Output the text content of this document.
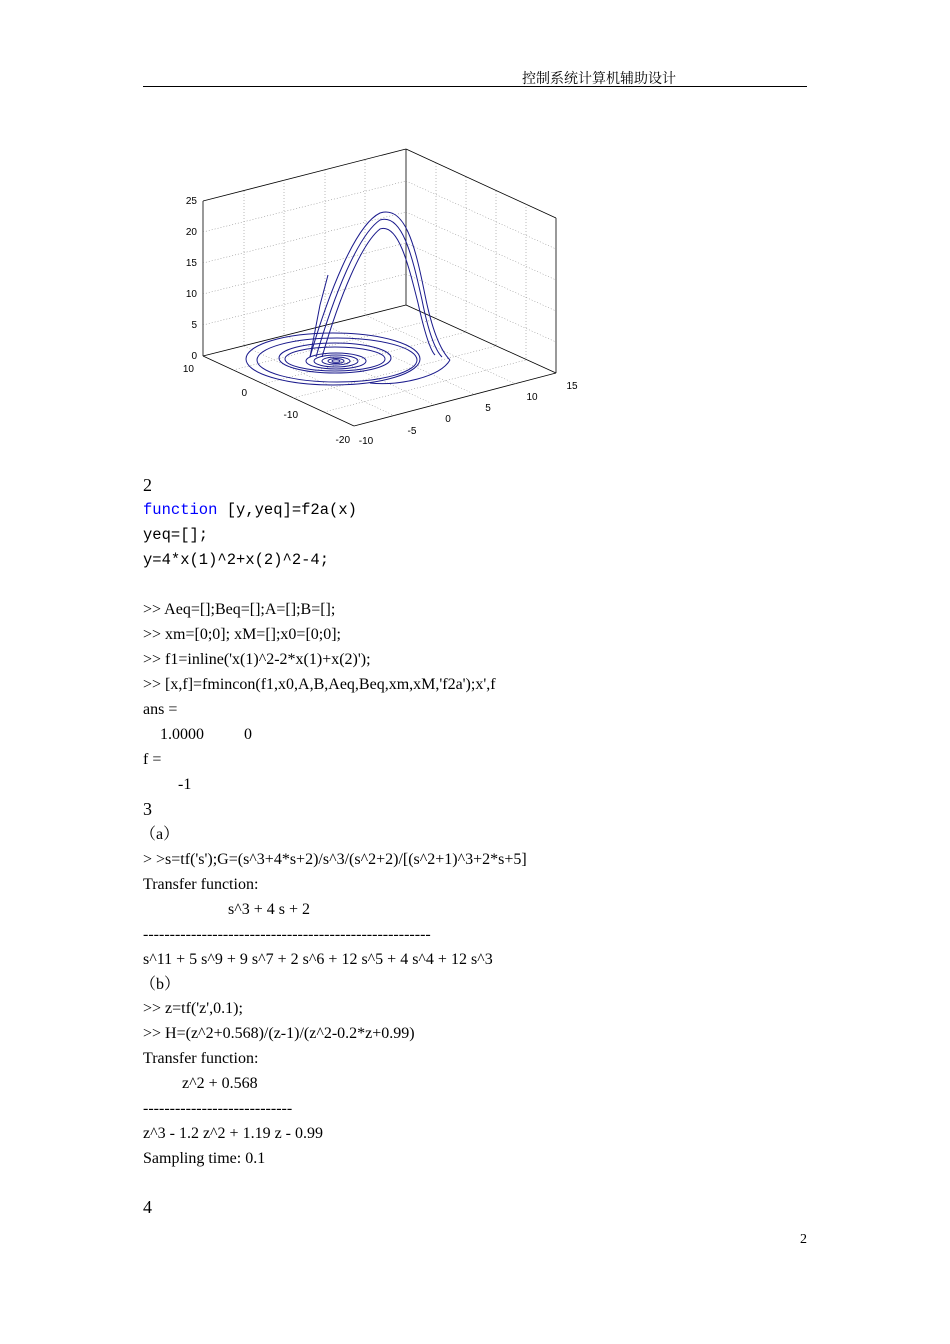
控制系统计算机辅助设计
0
5
10
15
20
25
10
0
-10
-20 -10
-5
0
5
10
15
2
function [y,yeq]=f2a(x)
yeq=[];
y=4*x(1)^2+x(2)^2-4;
>> Aeq=[];Beq=[];A=[];B=[];
>> xm=[0;0]; xM=[];x0=[0;0];
>> f1=inline('x(1)^2-2*x(1)+x(2)');
>> [x,f]=fmincon(f1,x0,A,B,Aeq,Beq,xm,xM,'f2a');x',f
ans =
1.0000	0
f =
-1
3
（a）
> >s=tf('s');G=(s^3+4*s+2)/s^3/(s^2+2)/[(s^2+1)^3+2*s+5]
Transfer function:
s^3 + 4 s + 2
------------------------------------------------------
s^11 + 5 s^9 + 9 s^7 + 2 s^6 + 12 s^5 + 4 s^4 + 12 s^3
（b）
>> z=tf('z',0.1);
>> H=(z^2+0.568)/(z-1)/(z^2-0.2*z+0.99)
Transfer function:
z^2 + 0.568
----------------------------
z^3 - 1.2 z^2 + 1.19 z - 0.99
Sampling time: 0.1
4
2
